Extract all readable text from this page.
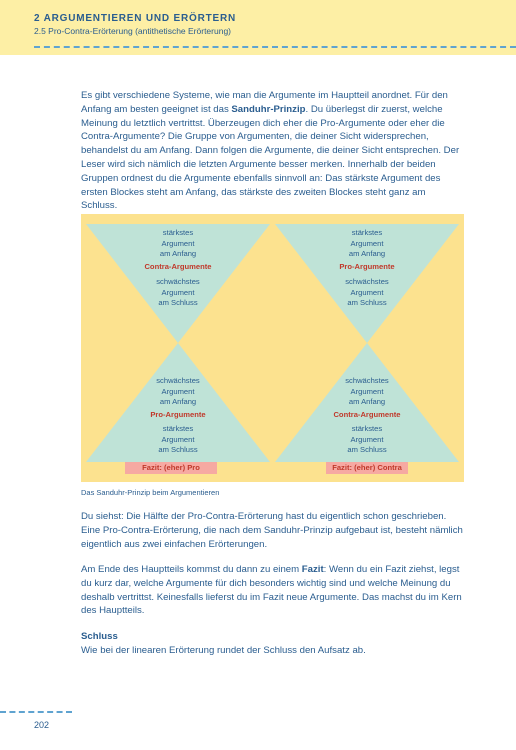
2 ARGUMENTIEREN UND ERÖRTERN
2.5 Pro-Contra-Erörterung (antithetische Erörterung)

Es gibt verschiedene Systeme, wie man die Argumente im Hauptteil anordnet. Für den Anfang am besten geeignet ist das Sanduhr-Prinzip. Du überlegst dir zuerst, welche Meinung du letztlich vertrittst. Überzeugen dich eher die Pro-Argumente oder eher die Contra-Argumente? Die Gruppe von Argumenten, die deiner Sicht widersprechen, behandelst du am Anfang. Dann folgen die Argumente, die deiner Sicht entsprechen. Der Leser wird sich nämlich die letzten Argumente besser merken. Innerhalb der beiden Gruppen ordnest du die Argumente ebenfalls sinnvoll an: Das stärkste Argument des ersten Blockes steht am Anfang, das stärkste des zweiten Blockes steht ganz am Schluss.

stärkstes
Argument
am Anfang
Contra-Argumente
schwächstes
Argument
am Schluss
schwächstes
Argument
am Anfang
Pro-Argumente
stärkstes
Argument
am Schluss
Fazit: (eher) Pro
stärkstes
Argument
am Anfang
Pro-Argumente
schwächstes
Argument
am Schluss
schwächstes
Argument
am Anfang
Contra-Argumente
stärkstes
Argument
am Schluss
Fazit: (eher) Contra
Das Sanduhr-Prinzip beim Argumentieren

Du siehst: Die Hälfte der Pro-Contra-Erörterung hast du eigentlich schon geschrieben. Eine Pro-Contra-Erörterung, die nach dem Sanduhr-Prinzip aufgebaut ist, besteht nämlich eigentlich aus zwei einfachen Erörterungen.

Am Ende des Hauptteils kommst du dann zu einem Fazit: Wenn du ein Fazit ziehst, legst du kurz dar, welche Argumente für dich besonders wichtig sind und welche Meinung du deshalb vertrittst. Keinesfalls lieferst du im Fazit neue Argumente. Das machst du im Kern des Hauptteils.

Schluss
Wie bei der linearen Erörterung rundet der Schluss den Aufsatz ab.

202
